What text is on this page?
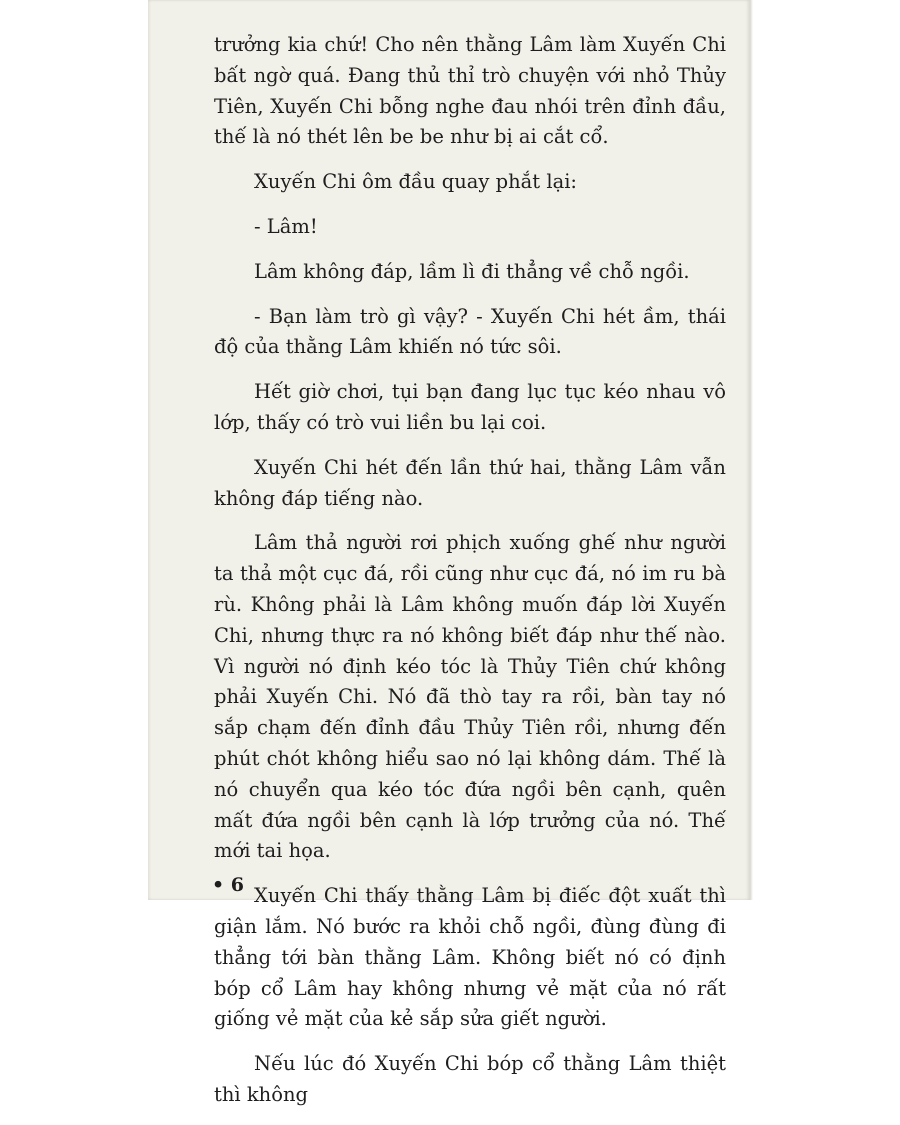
trưởng kia chứ! Cho nên thằng Lâm làm Xuyến Chi bất ngờ quá. Đang thủ thỉ trò chuyện với nhỏ Thủy Tiên, Xuyến Chi bỗng nghe đau nhói trên đỉnh đầu, thế là nó thét lên be be như bị ai cắt cổ.

Xuyến Chi ôm đầu quay phắt lại:

- Lâm!

Lâm không đáp, lầm lì đi thẳng về chỗ ngồi.

- Bạn làm trò gì vậy? - Xuyến Chi hét ầm, thái độ của thằng Lâm khiến nó tức sôi.

Hết giờ chơi, tụi bạn đang lục tục kéo nhau vô lớp, thấy có trò vui liền bu lại coi.

Xuyến Chi hét đến lần thứ hai, thằng Lâm vẫn không đáp tiếng nào.

Lâm thả người rơi phịch xuống ghế như người ta thả một cục đá, rồi cũng như cục đá, nó im ru bà rù. Không phải là Lâm không muốn đáp lời Xuyến Chi, nhưng thực ra nó không biết đáp như thế nào. Vì người nó định kéo tóc là Thủy Tiên chứ không phải Xuyến Chi. Nó đã thò tay ra rồi, bàn tay nó sắp chạm đến đỉnh đầu Thủy Tiên rồi, nhưng đến phút chót không hiểu sao nó lại không dám. Thế là nó chuyển qua kéo tóc đứa ngồi bên cạnh, quên mất đứa ngồi bên cạnh là lớp trưởng của nó. Thế mới tai họa.

Xuyến Chi thấy thằng Lâm bị điếc đột xuất thì giận lắm. Nó bước ra khỏi chỗ ngồi, đùng đùng đi thẳng tới bàn thằng Lâm. Không biết nó có định bóp cổ Lâm hay không nhưng vẻ mặt của nó rất giống vẻ mặt của kẻ sắp sửa giết người.

Nếu lúc đó Xuyến Chi bóp cổ thằng Lâm thiệt thì không

• 6
